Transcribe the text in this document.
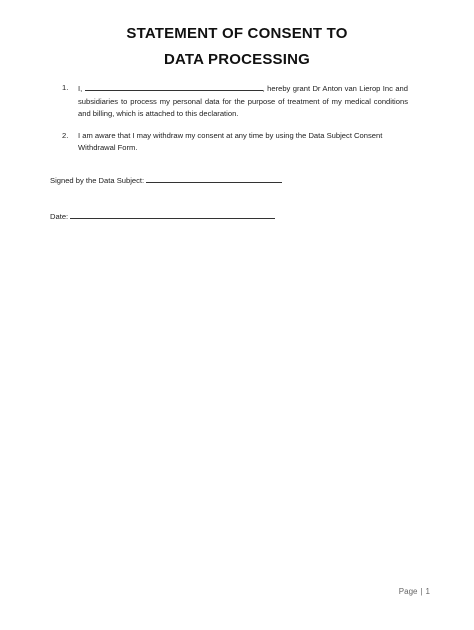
STATEMENT OF CONSENT TO
DATA PROCESSING
1. I,	, hereby grant Dr Anton van Lierop Inc and subsidiaries to process my personal data for the purpose of treatment of my medical conditions and billing, which is attached to this declaration.
2. I am aware that I may withdraw my consent at any time by using the Data Subject Consent Withdrawal Form.
Signed by the Data Subject:
Date:
Page | 1
